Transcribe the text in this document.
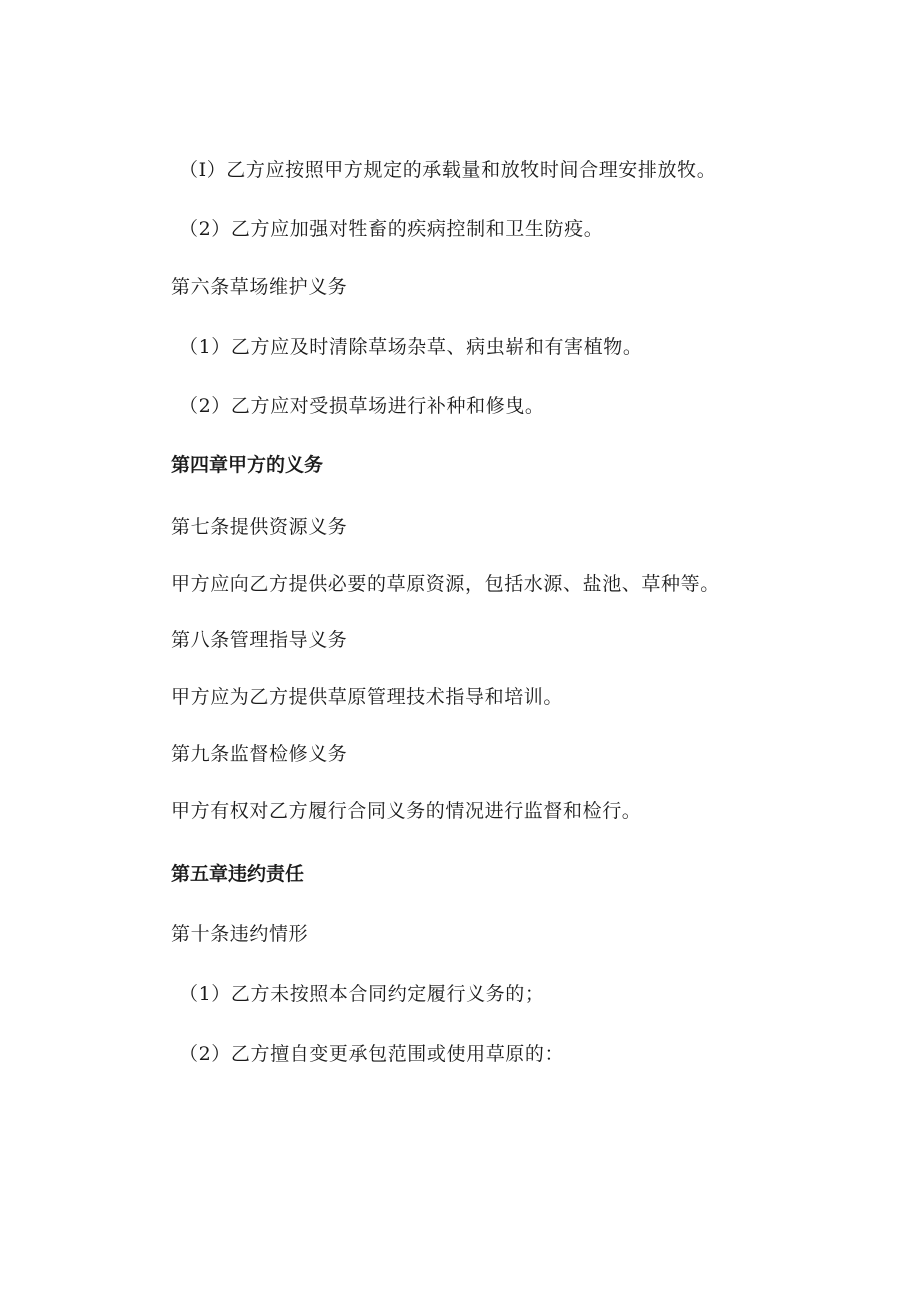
（I）乙方应按照甲方规定的承载量和放牧时间合理安排放牧。
（2）乙方应加强对牲畜的疾病控制和卫生防疫。
第六条草场维护义务
（1）乙方应及时清除草场杂草、病虫崭和有害植物。
（2）乙方应对受损草场进行补种和修曳。
第四章甲方的义务
第七条提供资源义务
甲方应向乙方提供必要的草原资源，包括水源、盐池、草种等。
第八条管理指导义务
甲方应为乙方提供草原管理技术指导和培训。
第九条监督检修义务
甲方有权对乙方履行合同义务的情况进行监督和检行。
第五章违约责任
第十条违约情形
（1）乙方未按照本合同约定履行义务的；
（2）乙方擅自变更承包范围或使用草原的：
